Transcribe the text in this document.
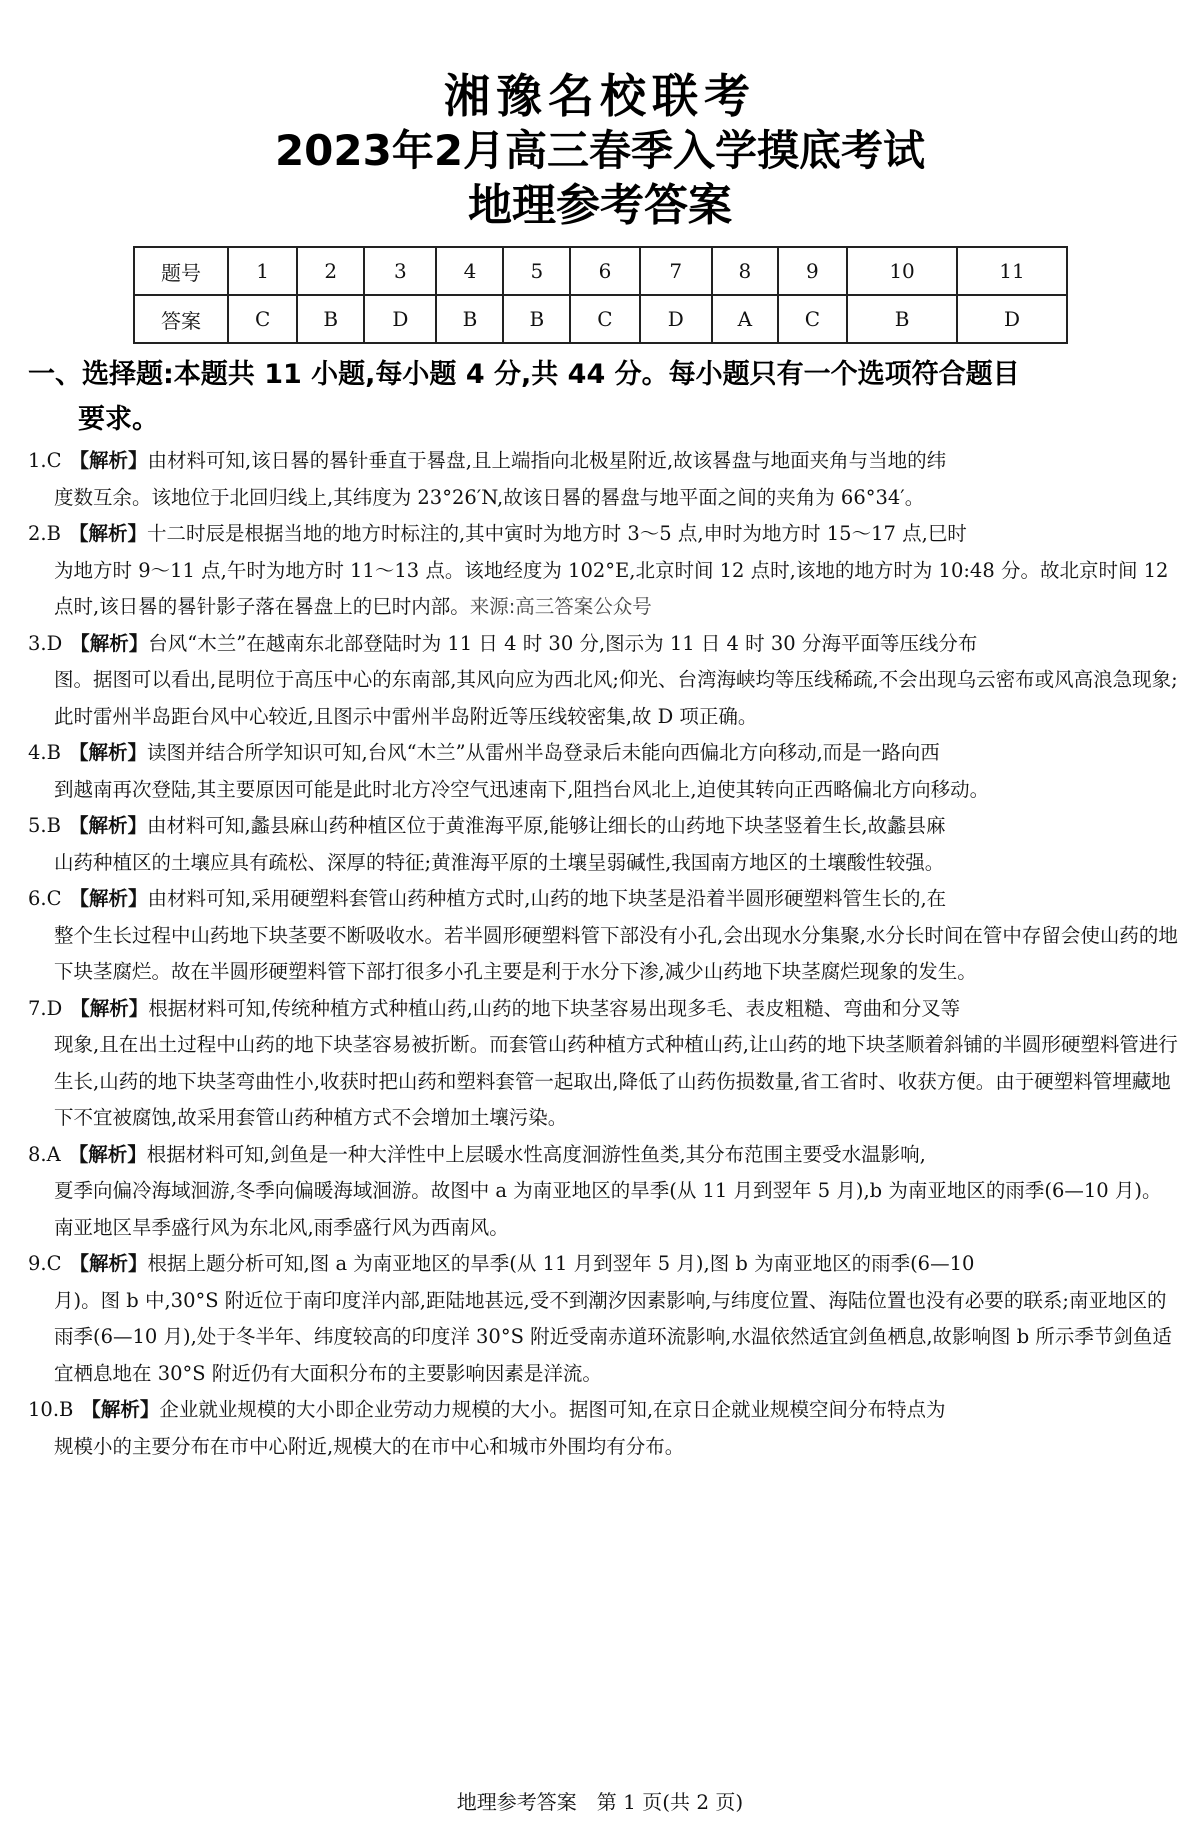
湘豫名校联考
2023年2月高三春季入学摸底考试
地理参考答案
题号	1	2	3	4	5	6	7	8	9	10	11
答案	C	B	D	B	B	C	D	A	C	B	D
一、选择题:本题共 11 小题,每小题 4 分,共 44 分。每小题只有一个选项符合题目
要求。
1.C 【解析】由材料可知,该日晷的晷针垂直于晷盘,且上端指向北极星附近,故该晷盘与地面夹角与当地的纬
度数互余。该地位于北回归线上,其纬度为 23°26′N,故该日晷的晷盘与地平面之间的夹角为 66°34′。
2.B 【解析】十二时辰是根据当地的地方时标注的,其中寅时为地方时 3～5 点,申时为地方时 15～17 点,巳时
为地方时 9～11 点,午时为地方时 11～13 点。该地经度为 102°E,北京时间 12 点时,该地的地方时为 10:48 分。故北京时间 12 点时,该日晷的晷针影子落在晷盘上的巳时内部。来源:高三答案公众号
3.D 【解析】台风“木兰”在越南东北部登陆时为 11 日 4 时 30 分,图示为 11 日 4 时 30 分海平面等压线分布
图。据图可以看出,昆明位于高压中心的东南部,其风向应为西北风;仰光、台湾海峡均等压线稀疏,不会出现乌云密布或风高浪急现象;此时雷州半岛距台风中心较近,且图示中雷州半岛附近等压线较密集,故 D 项正确。
4.B 【解析】读图并结合所学知识可知,台风“木兰”从雷州半岛登录后未能向西偏北方向移动,而是一路向西
到越南再次登陆,其主要原因可能是此时北方冷空气迅速南下,阻挡台风北上,迫使其转向正西略偏北方向移动。
5.B 【解析】由材料可知,蠡县麻山药种植区位于黄淮海平原,能够让细长的山药地下块茎竖着生长,故蠡县麻
山药种植区的土壤应具有疏松、深厚的特征;黄淮海平原的土壤呈弱碱性,我国南方地区的土壤酸性较强。
6.C 【解析】由材料可知,采用硬塑料套管山药种植方式时,山药的地下块茎是沿着半圆形硬塑料管生长的,在
整个生长过程中山药地下块茎要不断吸收水。若半圆形硬塑料管下部没有小孔,会出现水分集聚,水分长时间在管中存留会使山药的地下块茎腐烂。故在半圆形硬塑料管下部打很多小孔主要是利于水分下渗,减少山药地下块茎腐烂现象的发生。
7.D 【解析】根据材料可知,传统种植方式种植山药,山药的地下块茎容易出现多毛、表皮粗糙、弯曲和分叉等
现象,且在出土过程中山药的地下块茎容易被折断。而套管山药种植方式种植山药,让山药的地下块茎顺着斜铺的半圆形硬塑料管进行生长,山药的地下块茎弯曲性小,收获时把山药和塑料套管一起取出,降低了山药伤损数量,省工省时、收获方便。由于硬塑料管埋藏地下不宜被腐蚀,故采用套管山药种植方式不会增加土壤污染。
8.A 【解析】根据材料可知,剑鱼是一种大洋性中上层暖水性高度洄游性鱼类,其分布范围主要受水温影响,
夏季向偏冷海域洄游,冬季向偏暖海域洄游。故图中 a 为南亚地区的旱季(从 11 月到翌年 5 月),b 为南亚地区的雨季(6—10 月)。南亚地区旱季盛行风为东北风,雨季盛行风为西南风。
9.C 【解析】根据上题分析可知,图 a 为南亚地区的旱季(从 11 月到翌年 5 月),图 b 为南亚地区的雨季(6—10
月)。图 b 中,30°S 附近位于南印度洋内部,距陆地甚远,受不到潮汐因素影响,与纬度位置、海陆位置也没有必要的联系;南亚地区的雨季(6—10 月),处于冬半年、纬度较高的印度洋 30°S 附近受南赤道环流影响,水温依然适宜剑鱼栖息,故影响图 b 所示季节剑鱼适宜栖息地在 30°S 附近仍有大面积分布的主要影响因素是洋流。
10.B 【解析】企业就业规模的大小即企业劳动力规模的大小。据图可知,在京日企就业规模空间分布特点为
规模小的主要分布在市中心附近,规模大的在市中心和城市外围均有分布。
地理参考答案　第 1 页(共 2 页)
